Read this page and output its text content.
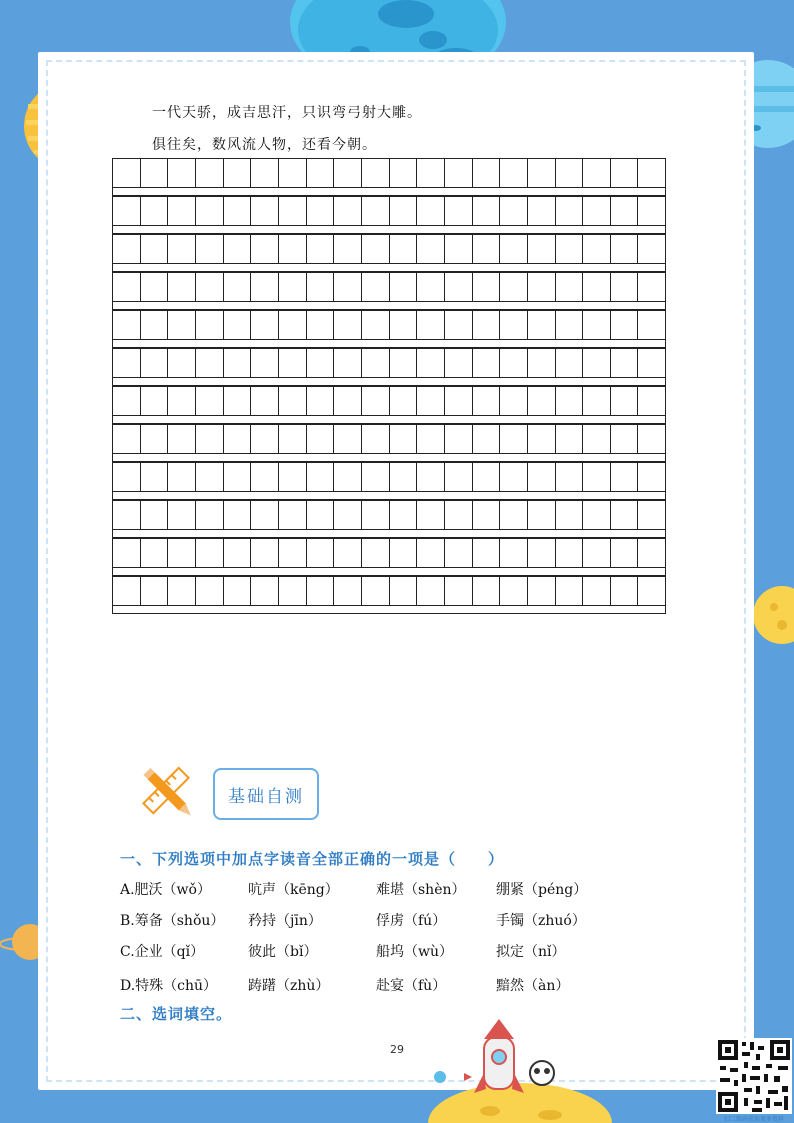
一代天骄，成吉思汗，只识弯弓射大雕。
俱往矣，数风流人物，还看今朝。
基础自测
一、下列选项中加点字读音全部正确的一项是（　　）
A.肥沃（wǒ）	吭声（kēng）	难堪（shèn） 绷紧（péng）
B.筹备（shǒu） 矜持（jīn）	俘虏（fú）	手镯（zhuó）
C.企业（qǐ）	彼此（bǐ）	船坞（wù）	拟定（nǐ）
D.特殊（chū） 踌躇（zhù）	赴宴（fù）	黯然（àn）
二、选词填空。
29
扫二维码获取更多资料
